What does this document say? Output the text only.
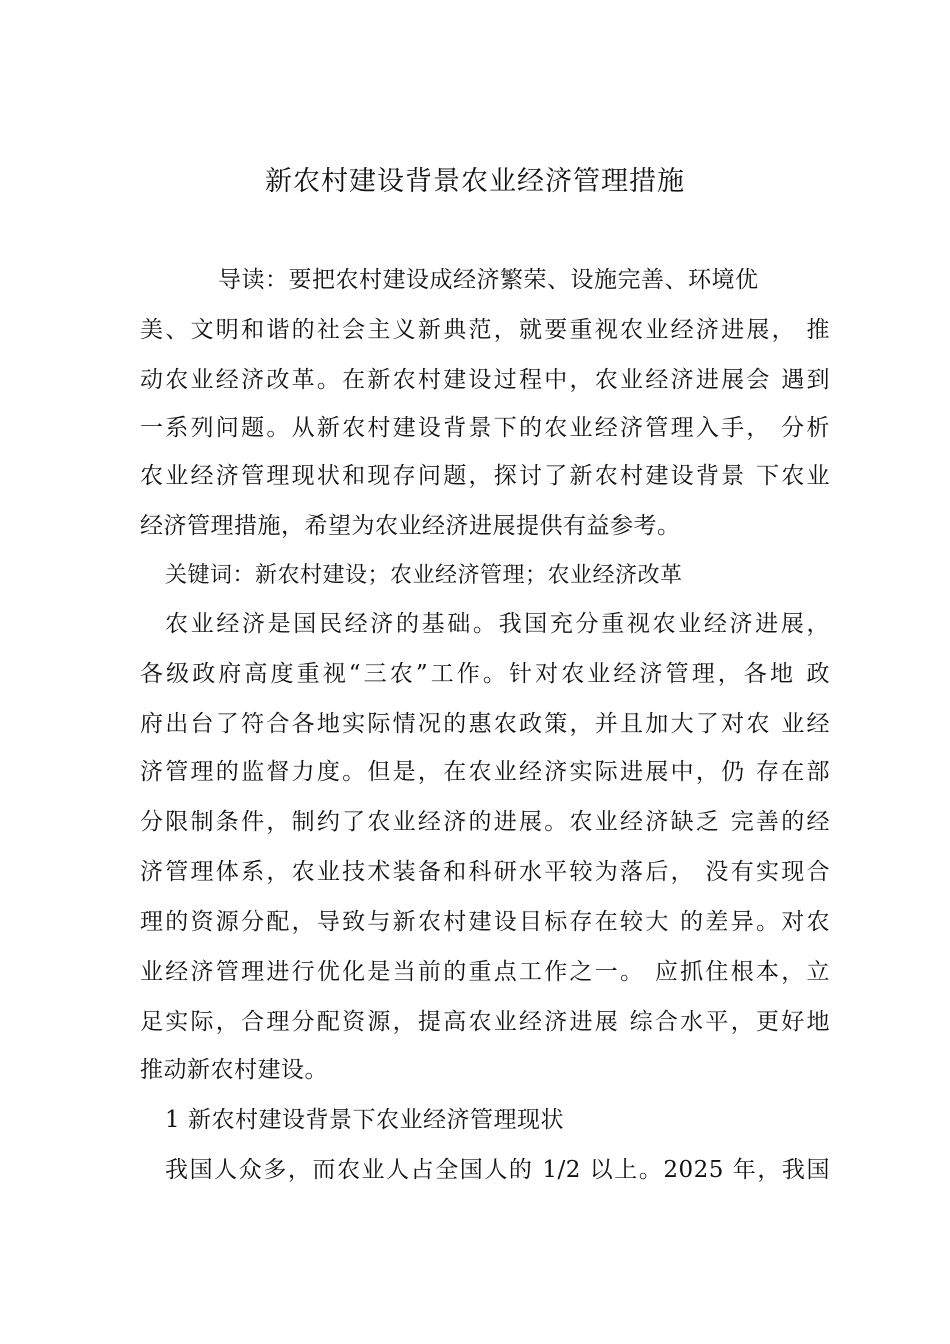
新农村建设背景农业经济管理措施
导读：要把农村建设成经济繁荣、设施完善、环境优
美、文明和谐的社会主义新典范，就要重视农业经济进展， 推
动农业经济改革。在新农村建设过程中，农业经济进展会 遇到
一系列问题。从新农村建设背景下的农业经济管理入手， 分析
农业经济管理现状和现存问题，探讨了新农村建设背景 下农业
经济管理措施，希望为农业经济进展提供有益参考。
关键词：新农村建设；农业经济管理；农业经济改革
农业经济是国民经济的基础。我国充分重视农业经济进展，
各级政府高度重视“三农”工作。针对农业经济管理，各地 政
府出台了符合各地实际情况的惠农政策，并且加大了对农 业经
济管理的监督力度。但是，在农业经济实际进展中，仍 存在部
分限制条件，制约了农业经济的进展。农业经济缺乏 完善的经
济管理体系，农业技术装备和科研水平较为落后， 没有实现合
理的资源分配，导致与新农村建设目标存在较大 的差异。对农
业经济管理进行优化是当前的重点工作之一。 应抓住根本，立
足实际，合理分配资源，提高农业经济进展 综合水平，更好地
推动新农村建设。
1 新农村建设背景下农业经济管理现状
我国人众多，而农业人占全国人的 1/2 以上。2025 年，我国
